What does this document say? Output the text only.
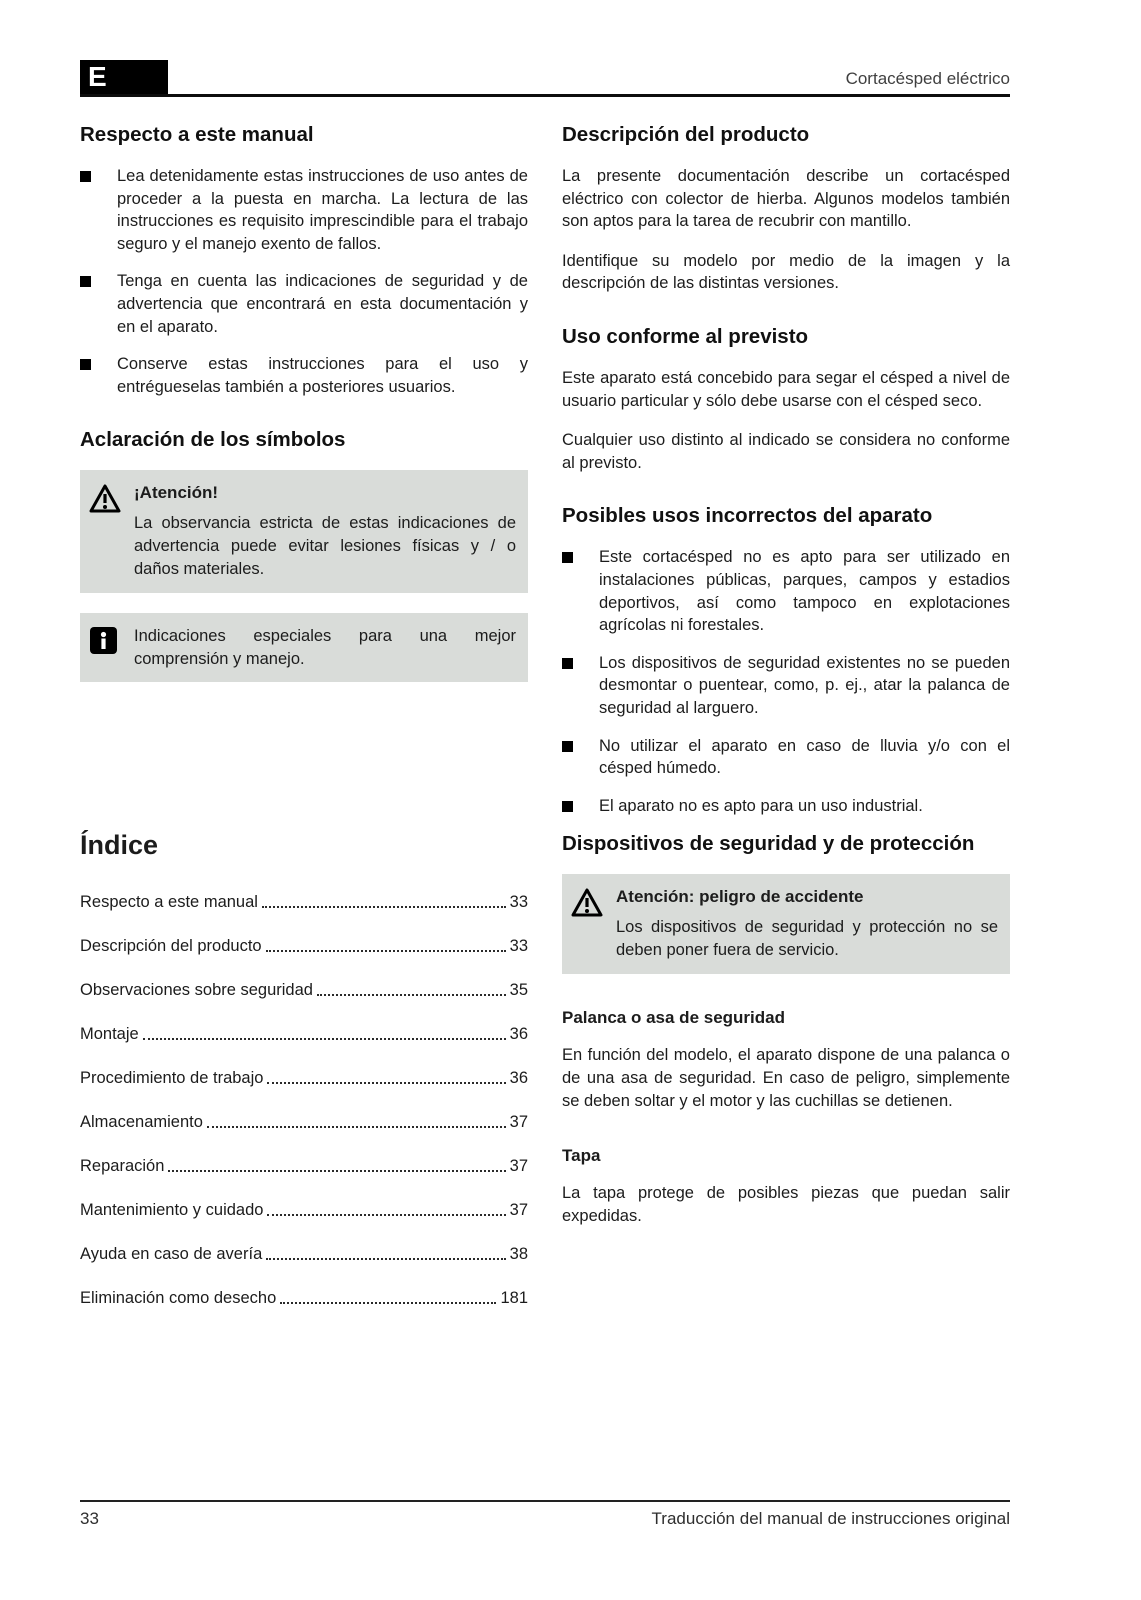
E	Cortacésped eléctrico
Respecto a este manual
Lea detenidamente estas instrucciones de uso antes de proceder a la puesta en marcha. La lectura de las instrucciones es requisito imprescindible para el trabajo seguro y el manejo exento de fallos.
Tenga en cuenta las indicaciones de seguridad y de advertencia que encontrará en esta documentación y en el aparato.
Conserve estas instrucciones para el uso y entrégueselas también a posteriores usuarios.
Aclaración de los símbolos
¡Atención!
La observancia estricta de estas indicaciones de advertencia puede evitar lesiones físicas y / o daños materiales.
Indicaciones especiales para una mejor comprensión y manejo.
Índice
Respecto a este manual	33
Descripción del producto	33
Observaciones sobre seguridad	35
Montaje	36
Procedimiento de trabajo	36
Almacenamiento	37
Reparación	37
Mantenimiento y cuidado	37
Ayuda en caso de avería	38
Eliminación como desecho	181
Descripción del producto

La presente documentación describe un cortacésped eléctrico con colector de hierba. Algunos modelos también son aptos para la tarea de recubrir con mantillo.

Identifique su modelo por medio de la imagen y la descripción de las distintas versiones.

Uso conforme al previsto

Este aparato está concebido para segar el césped a nivel de usuario particular y sólo debe usarse con el césped seco.

Cualquier uso distinto al indicado se considera no conforme al previsto.

Posibles usos incorrectos del aparato
Este cortacésped no es apto para ser utilizado en instalaciones públicas, parques, campos y estadios deportivos, así como tampoco en explotaciones agrícolas ni forestales.
Los dispositivos de seguridad existentes no se pueden desmontar o puentear, como, p. ej., atar la palanca de seguridad al larguero.
No utilizar el aparato en caso de lluvia y/o con el césped húmedo.
El aparato no es apto para un uso industrial.
Dispositivos de seguridad y de protección
Atención: peligro de accidente
Los dispositivos de seguridad y protección no se deben poner fuera de servicio.
Palanca o asa de seguridad

En función del modelo, el aparato dispone de una palanca o de una asa de seguridad. En caso de peligro, simplemente se deben soltar y el motor y las cuchillas se detienen.

Tapa

La tapa protege de posibles piezas que puedan salir expedidas.

33	Traducción del manual de instrucciones original
